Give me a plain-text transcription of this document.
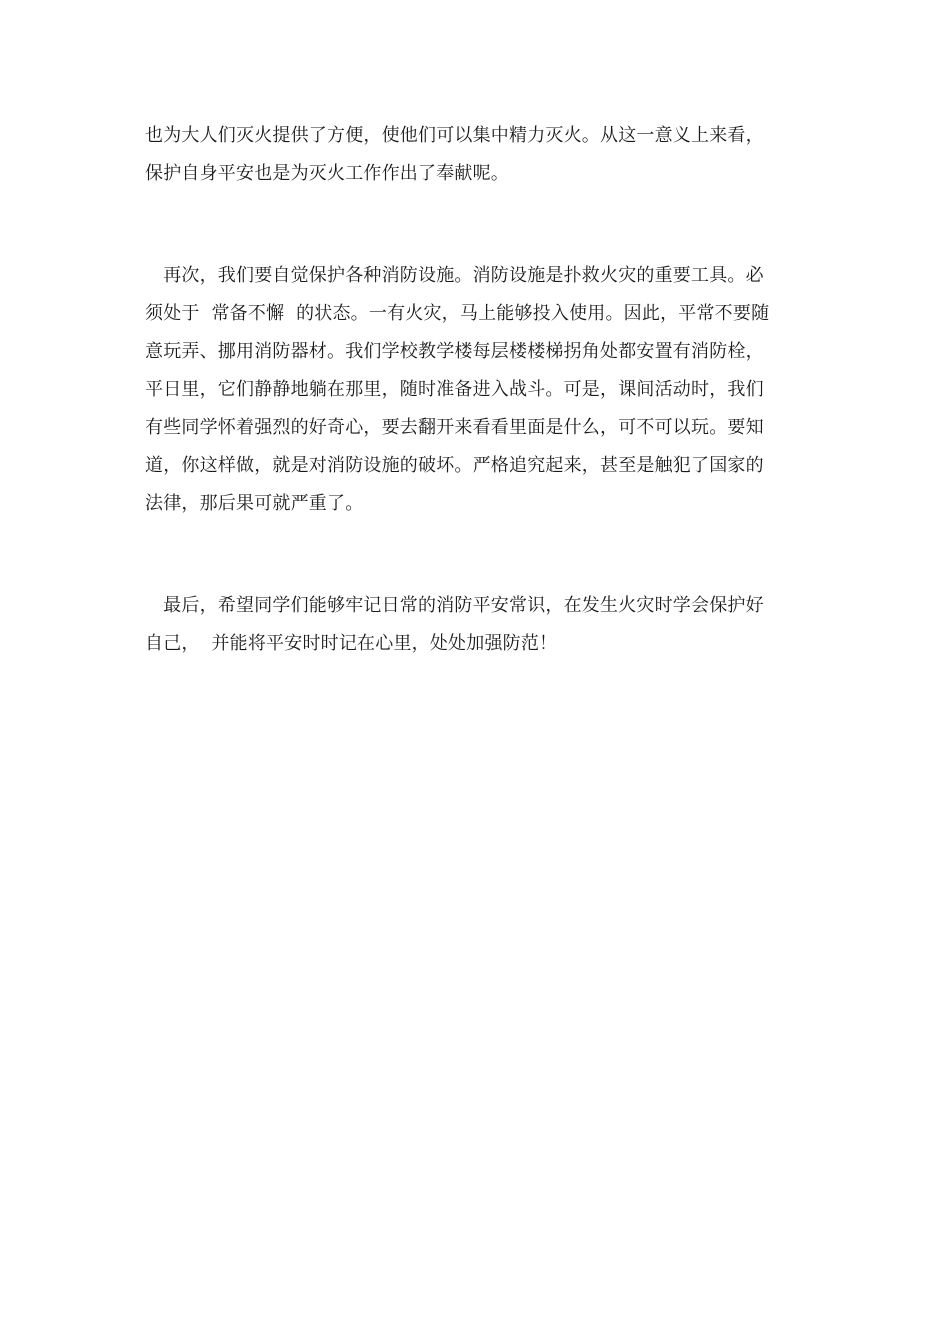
也为大人们灭火提供了方便，使他们可以集中精力灭火。从这一意义上来看，
保护自身平安也是为灭火工作作出了奉献呢。
　再次，我们要自觉保护各种消防设施。消防设施是扑救火灾的重要工具。必
须处于  常备不懈  的状态。一有火灾，马上能够投入使用。因此，平常不要随
意玩弄、挪用消防器材。我们学校教学楼每层楼楼梯拐角处都安置有消防栓，
平日里，它们静静地躺在那里，随时准备进入战斗。可是，课间活动时，我们
有些同学怀着强烈的好奇心，要去翻开来看看里面是什么，可不可以玩。要知
道，你这样做，就是对消防设施的破坏。严格追究起来，甚至是触犯了国家的
法律，那后果可就严重了。
　最后，希望同学们能够牢记日常的消防平安常识，在发生火灾时学会保护好
自己，  并能将平安时时记在心里，处处加强防范！
